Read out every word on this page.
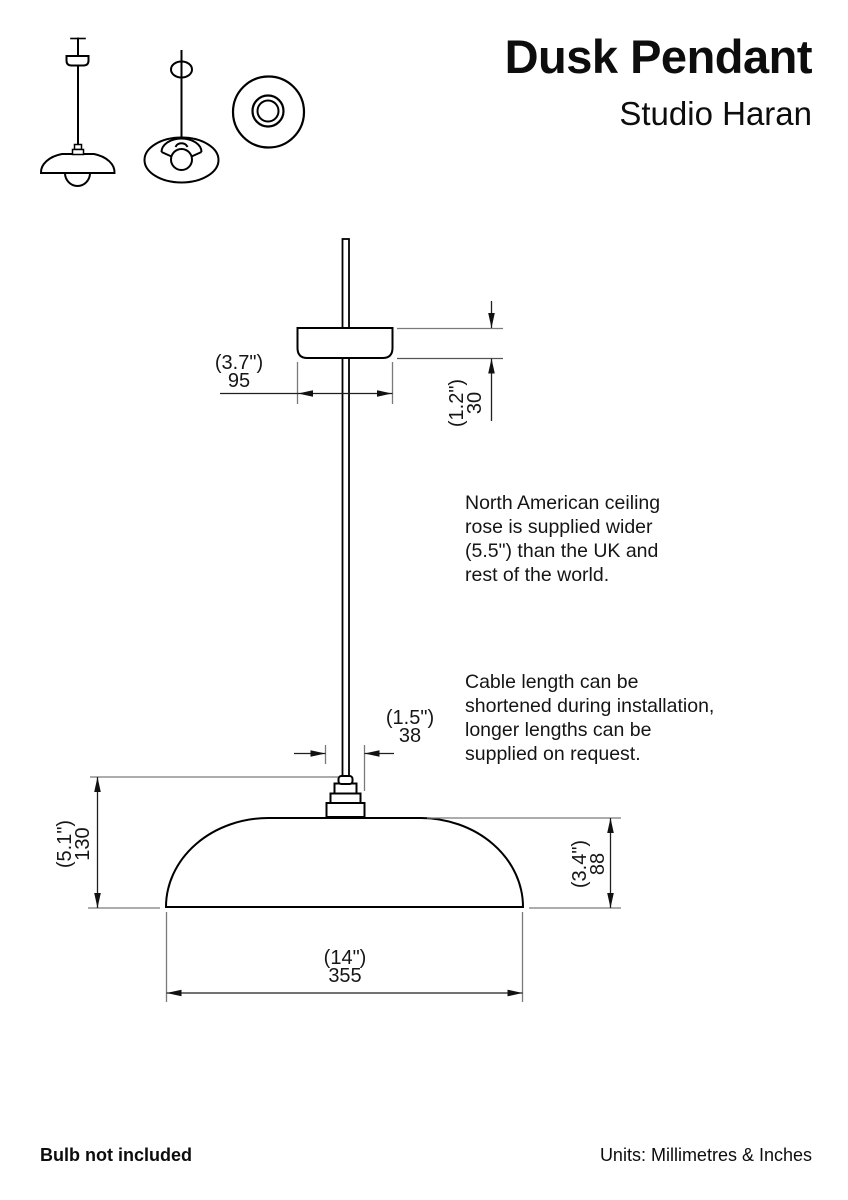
Dusk Pendant
Studio Haran
(3.7")
95	(1.2")
30
(1.5")
38
(5.1")
130	(3.4")
88
(14")
355
North American ceiling
rose is supplied wider
(5.5") than the UK and
rest of the world.
Cable length can be
shortened during installation,
longer lengths can be
supplied on request.
Bulb not included	Units: Millimetres & Inches
